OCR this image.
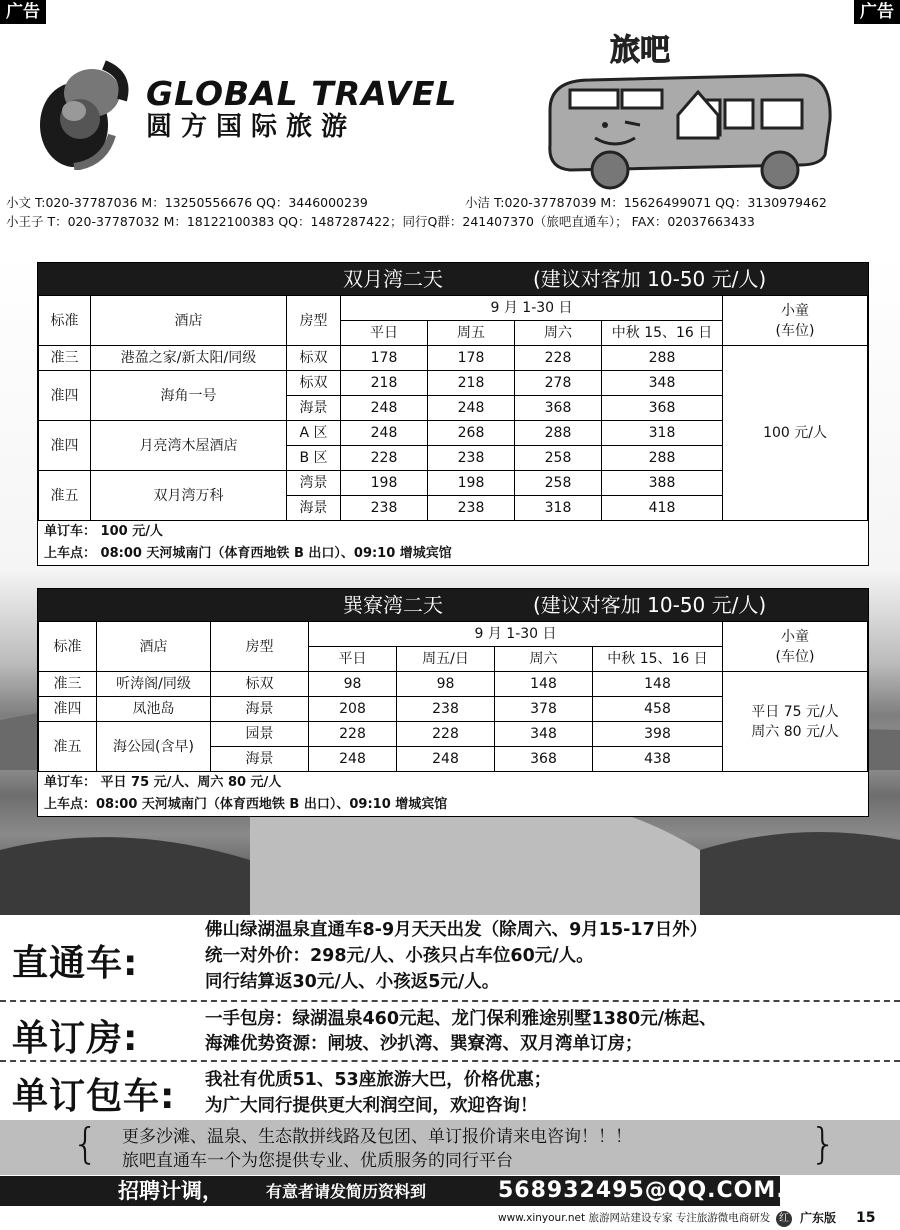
广告	广告
GLOBAL TRAVEL
圆方国际旅游
旅吧
小文 T:020-37787036 M：13250556676 QQ：3446000239	小洁 T:020-37787039 M：15626499071 QQ：3130979462
小王子 T：020-37787032 M：18122100383 QQ：1487287422；同行Q群：241407370（旅吧直通车）； FAX：02037663433
双月湾二天	(建议对客加 10-50 元/人)
标准	酒店	房型	9 月 1-30 日				小童
(车位)

			平日	周五	周六	中秋 15、16 日	
准三	港盈之家/新太阳/同级	标双	178	178	228	288	100 元/人
准四	海角一号	标双	218	218	278	348	
		海景	248	248	368	368	
准四	月亮湾木屋酒店	A 区	248	268	288	318	
		B 区	228	238	258	288	
准五	双月湾万科	湾景	198	198	258	388	
		海景	238	238	318	418	
单订车： 100 元/人
上车点： 08:00 天河城南门（体育西地铁 B 出口）、09:10 增城宾馆
巽寮湾二天	(建议对客加 10-50 元/人)
标准	酒店	房型	9 月 1-30 日				小童
(车位)

			平日	周五/日	周六	中秋 15、16 日	
准三	听涛阁/同级	标双	98	98	148	148	平日 75 元/人
周六 80 元/人

准四	凤池岛	海景	208	238	378	458	
准五	海公园(含早)	园景	228	228	348	398	
		海景	248	248	368	438	
单订车： 平日 75 元/人、周六 80 元/人
上车点：08:00 天河城南门（体育西地铁 B 出口）、09:10 增城宾馆
直通车:
佛山绿湖温泉直通车8-9月天天出发（除周六、9月15-17日外）
统一对外价：298元/人、小孩只占车位60元/人。
同行结算返30元/人、小孩返5元/人。
单订房:	一手包房：绿湖温泉460元起、龙门保利雅途别墅1380元/栋起、
海滩优势资源：闸坡、沙扒湾、巽寮湾、双月湾单订房；
单订包车: 我社有优质51、53座旅游大巴，价格优惠；
为广大同行提供更大利润空间，欢迎咨询！
更多沙滩、温泉、生态散拼线路及包团、单订报价请来电咨询！！！
旅吧直通车一个为您提供专业、优质服务的同行平台
{	}
招聘计调，	有意者请发简历资料到	568932495@QQ.COM.
www.xinyour.net 旅游网站建设专家 专注旅游微电商研发 红 广东版 15
